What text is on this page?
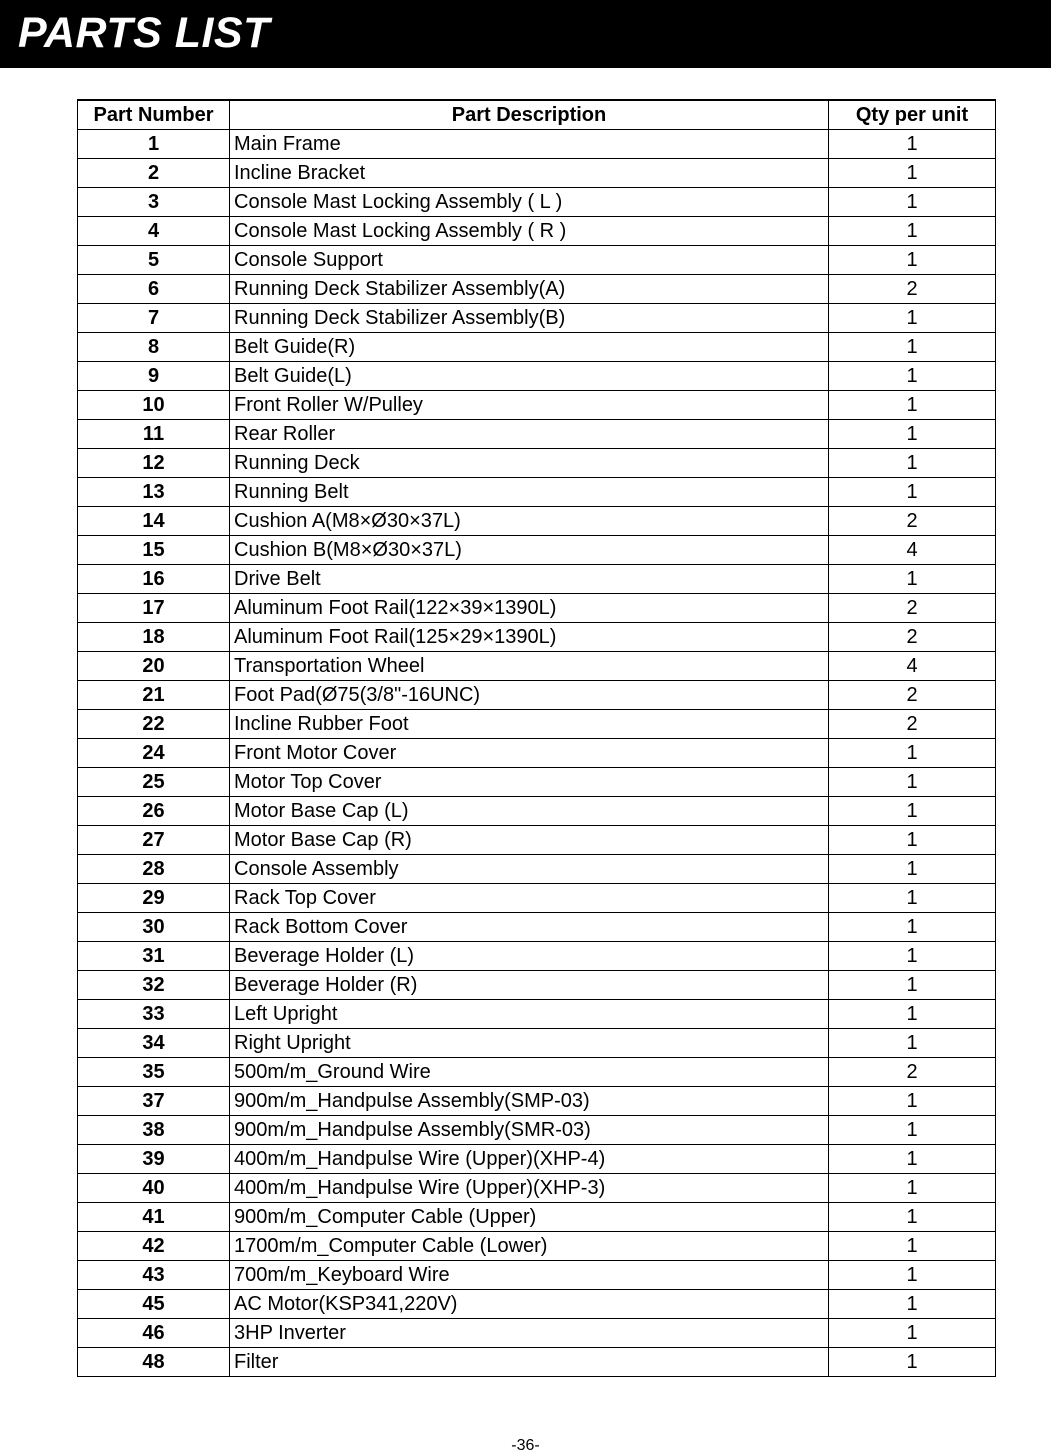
PARTS LIST
Part Number	Part Description	Qty per unit
1	Main Frame	1
2	Incline Bracket	1
3	Console Mast Locking Assembly ( L )	1
4	Console Mast Locking Assembly ( R )	1
5	Console Support	1
6	Running Deck Stabilizer Assembly(A)	2
7	Running Deck Stabilizer Assembly(B)	1
8	Belt Guide(R)	1
9	Belt Guide(L)	1
10	Front Roller W/Pulley	1
11	Rear Roller	1
12	Running Deck	1
13	Running Belt	1
14	Cushion A(M8×Ø30×37L)	2
15	Cushion B(M8×Ø30×37L)	4
16	Drive Belt	1
17	Aluminum Foot Rail(122×39×1390L)	2
18	Aluminum Foot Rail(125×29×1390L)	2
20	Transportation Wheel	4
21	Foot Pad(Ø75(3/8"-16UNC)	2
22	Incline Rubber Foot	2
24	Front Motor Cover	1
25	Motor Top Cover	1
26	Motor Base Cap (L)	1
27	Motor Base Cap (R)	1
28	Console Assembly	1
29	Rack Top Cover	1
30	Rack Bottom Cover	1
31	Beverage Holder (L)	1
32	Beverage Holder (R)	1
33	Left Upright	1
34	Right Upright	1
35	500m/m_Ground Wire	2
37	900m/m_Handpulse Assembly(SMP-03)	1
38	900m/m_Handpulse Assembly(SMR-03)	1
39	400m/m_Handpulse Wire (Upper)(XHP-4)	1
40	400m/m_Handpulse Wire (Upper)(XHP-3)	1
41	900m/m_Computer Cable (Upper)	1
42	1700m/m_Computer Cable (Lower)	1
43	700m/m_Keyboard Wire	1
45	AC Motor(KSP341,220V)	1
46	3HP Inverter	1
48	Filter	1
-36-
